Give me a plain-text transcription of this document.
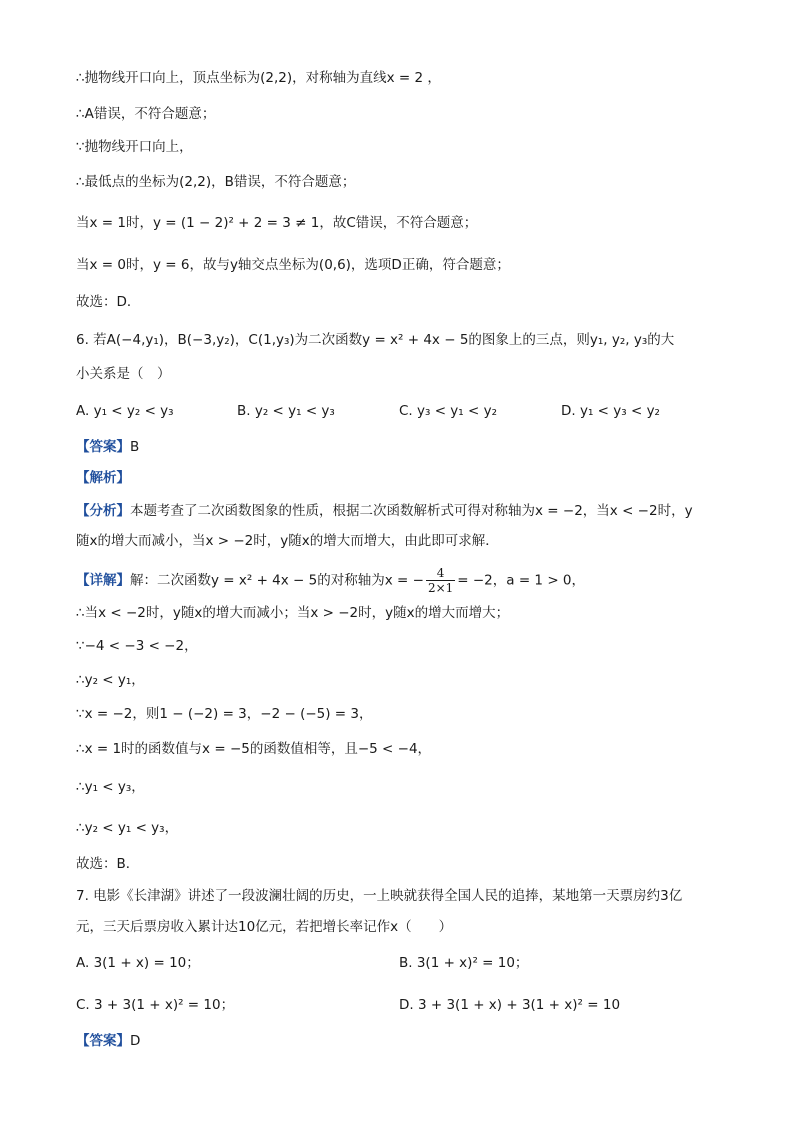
∴抛物线开口向上，顶点坐标为(2,2)，对称轴为直线x = 2 ，
∴A错误，不符合题意；
∵抛物线开口向上，
∴最低点的坐标为(2,2)，B错误，不符合题意；
当x = 1时，y = (1 − 2)² + 2 = 3 ≠ 1，故C错误，不符合题意；
当x = 0时，y = 6，故与y轴交点坐标为(0,6)，选项D正确，符合题意；
故选：D．
6. 若A(−4,y₁)，B(−3,y₂)，C(1,y₃)为二次函数y = x² + 4x − 5的图象上的三点，则y₁, y₂, y₃的大
小关系是（　）
A. y₁ < y₂ < y₃	B. y₂ < y₁ < y₃	C. y₃ < y₁ < y₂	D. y₁ < y₃ < y₂
【答案】B
【解析】
【分析】本题考查了二次函数图象的性质，根据二次函数解析式可得对称轴为x = −2，当x < −2时，y
随x的增大而减小，当x > −2时，y随x的增大而增大，由此即可求解．
【详解】解：二次函数y = x² + 4x − 5的对称轴为x = − $\frac{4}{2\times 1} = -2$，a = 1 > 0，
∴当x < −2时，y随x的增大而减小；当x > −2时，y随x的增大而增大；
∵−4 < −3 < −2，
∴y₂ < y₁，
∵x = −2，则1 − (−2) = 3，−2 − (−5) = 3，
∴x = 1时的函数值与x = −5的函数值相等，且−5 < −4，
∴y₁ < y₃，
∴y₂ < y₁ < y₃，
故选：B．
7. 电影《长津湖》讲述了一段波澜壮阔的历史，一上映就获得全国人民的追捧，某地第一天票房约3亿
元，三天后票房收入累计达10亿元，若把增长率记作x（　　）
A. 3(1 + x) = 10；	B. 3(1 + x)² = 10；
C. 3 + 3(1 + x)² = 10；	D. 3 + 3(1 + x) + 3(1 + x)² = 10
【答案】D
